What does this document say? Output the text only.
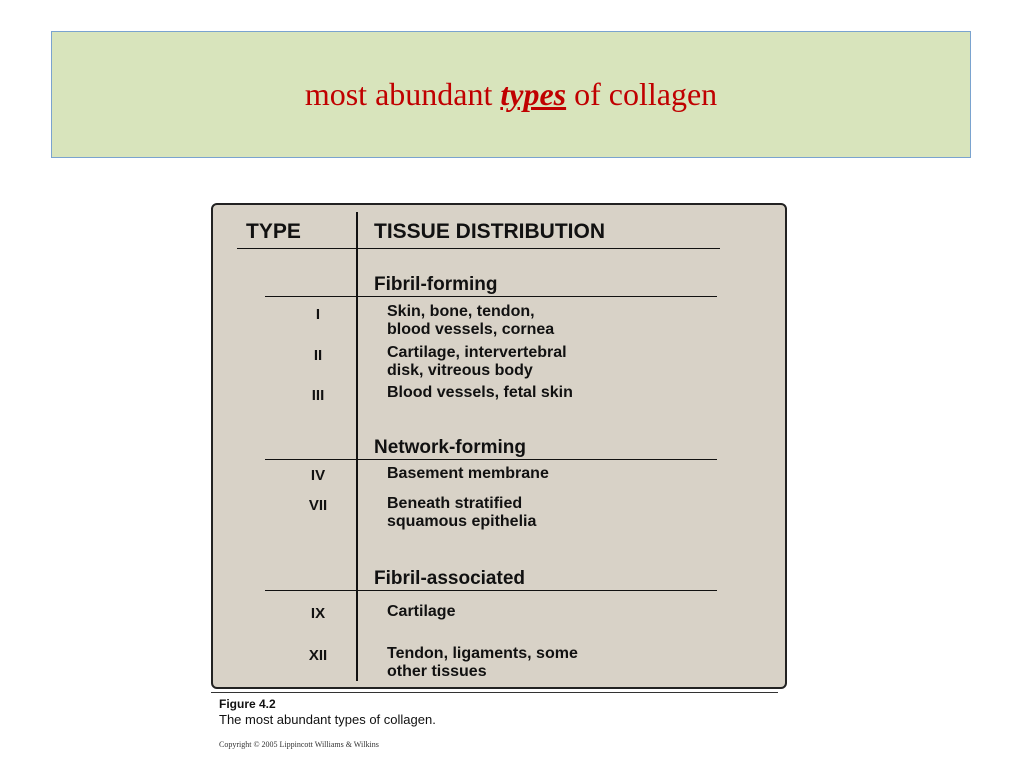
most abundant types of collagen
TYPE	TISSUE DISTRIBUTION
Fibril-forming
I	Skin, bone, tendon,
blood vessels, cornea
II	Cartilage, intervertebral
disk, vitreous body
III	Blood vessels, fetal skin
Network-forming
IV	Basement membrane
VII	Beneath stratified
squamous epithelia
Fibril-associated
IX	Cartilage
XII	Tendon, ligaments, some
other tissues
Figure 4.2
The most abundant types of collagen.
Copyright © 2005 Lippincott Williams & Wilkins
